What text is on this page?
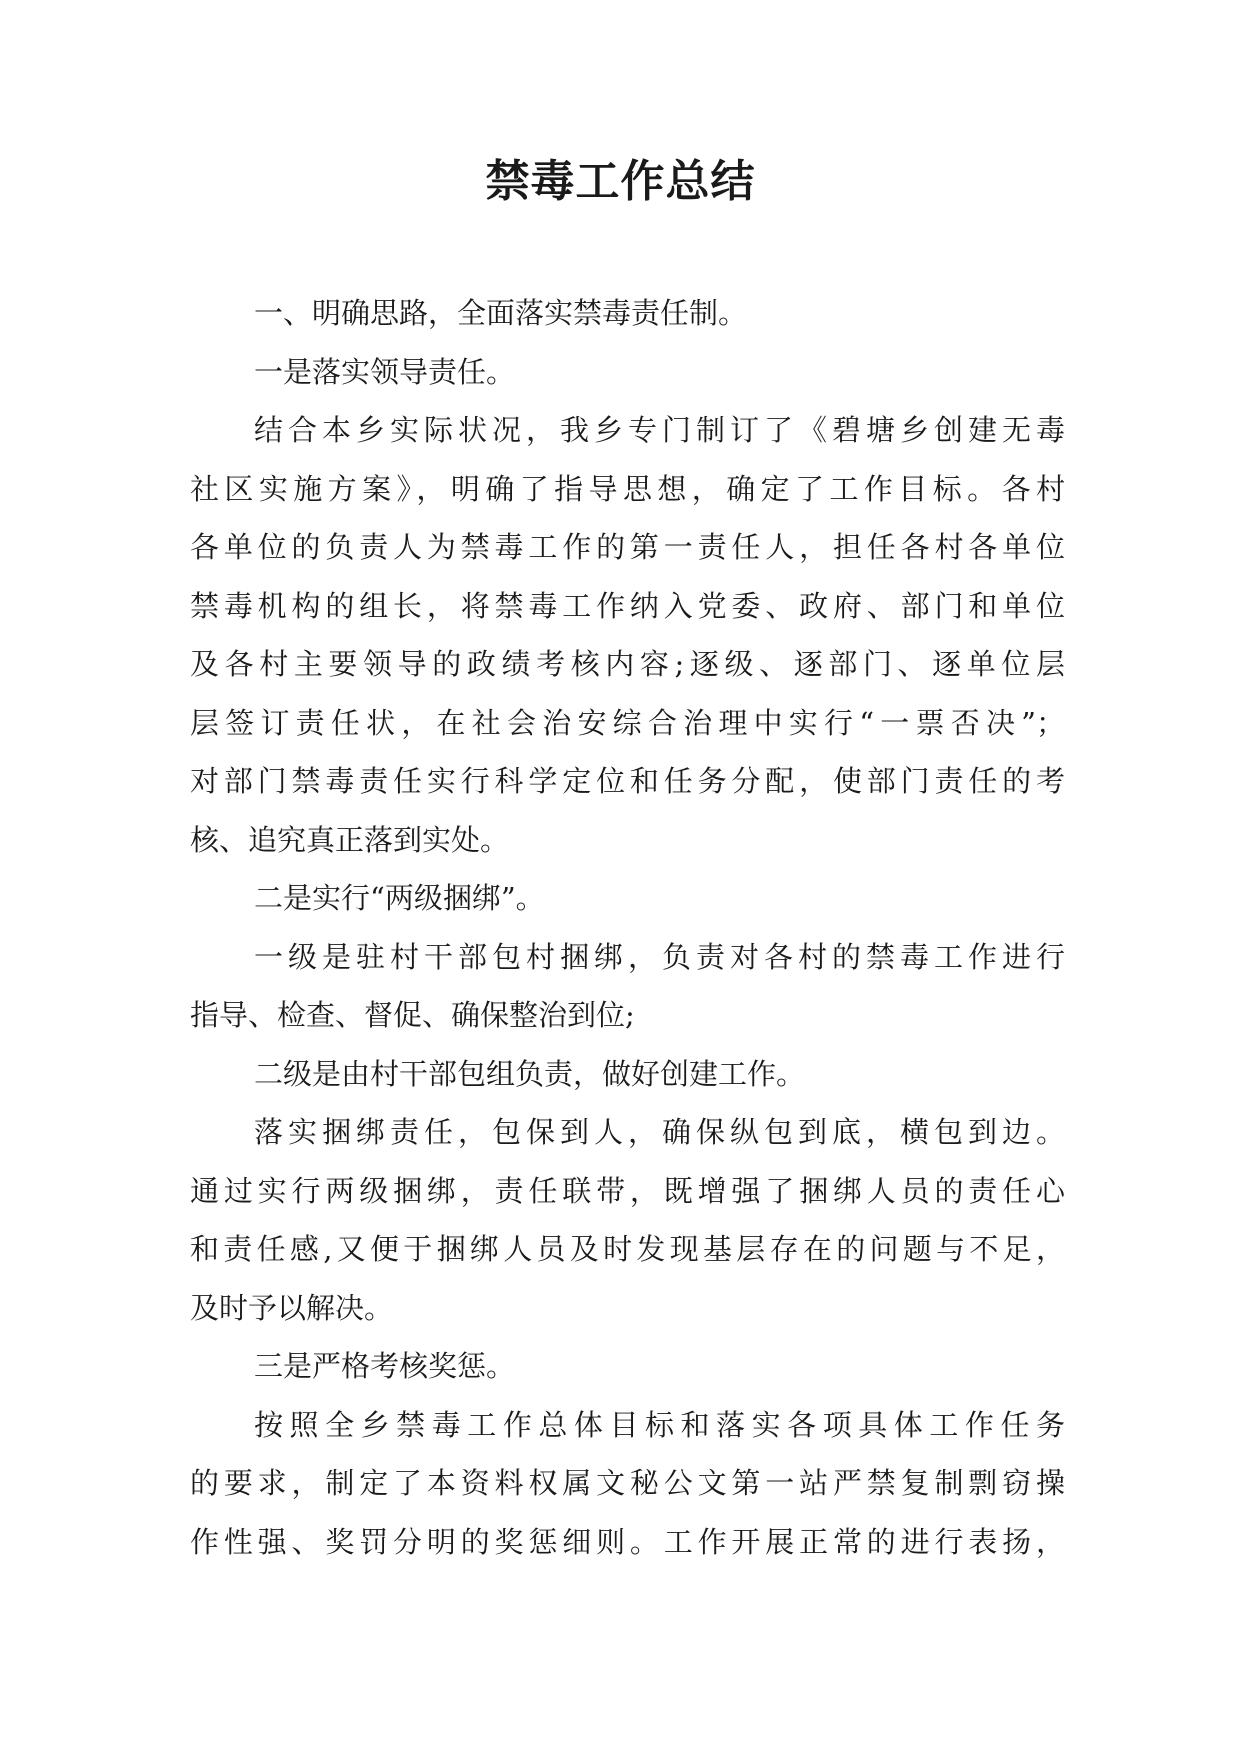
禁毒工作总结

一、明确思路，全面落实禁毒责任制。

一是落实领导责任。

结合本乡实际状况，我乡专门制订了《碧塘乡创建无毒

社区实施方案》，明确了指导思想，确定了工作目标。各村

各单位的负责人为禁毒工作的第一责任人，担任各村各单位

禁毒机构的组长，将禁毒工作纳入党委、政府、部门和单位

及各村主要领导的政绩考核内容;逐级、逐部门、逐单位层

层签订责任状，在社会治安综合治理中实行“一票否决”；

对部门禁毒责任实行科学定位和任务分配，使部门责任的考

核、追究真正落到实处。

二是实行“两级捆绑”。

一级是驻村干部包村捆绑，负责对各村的禁毒工作进行

指导、检查、督促、确保整治到位;

二级是由村干部包组负责，做好创建工作。

落实捆绑责任，包保到人，确保纵包到底，横包到边。

通过实行两级捆绑，责任联带，既增强了捆绑人员的责任心

和责任感,又便于捆绑人员及时发现基层存在的问题与不足，

及时予以解决。

三是严格考核奖惩。

按照全乡禁毒工作总体目标和落实各项具体工作任务

的要求，制定了本资料权属文秘公文第一站严禁复制剽窃操

作性强、奖罚分明的奖惩细则。工作开展正常的进行表扬，
